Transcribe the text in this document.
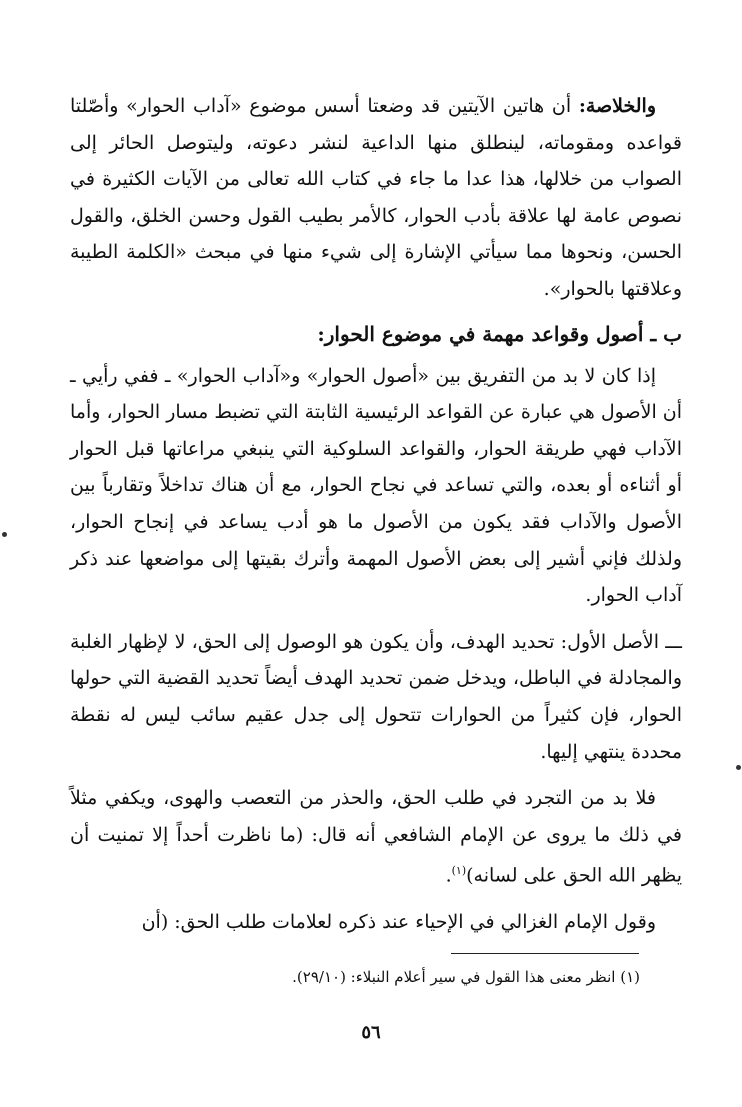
والخلاصة: أن هاتين الآيتين قد وضعتا أسس موضوع «آداب الحوار» وأصّلتا قواعده ومقوماته، لينطلق منها الداعية لنشر دعوته، وليتوصل الحائر إلى الصواب من خلالها، هذا عدا ما جاء في كتاب الله تعالى من الآيات الكثيرة في نصوص عامة لها علاقة بأدب الحوار، كالأمر بطيب القول وحسن الخلق، والقول الحسن، ونحوها مما سيأتي الإشارة إلى شيء منها في مبحث «الكلمة الطيبة وعلاقتها بالحوار».

ب ـ أصول وقواعد مهمة في موضوع الحوار:

إذا كان لا بد من التفريق بين «أصول الحوار» و«آداب الحوار» ـ ففي رأيي ـ أن الأصول هي عبارة عن القواعد الرئيسية الثابتة التي تضبط مسار الحوار، وأما الآداب فهي طريقة الحوار، والقواعد السلوكية التي ينبغي مراعاتها قبل الحوار أو أثناءه أو بعده، والتي تساعد في نجاح الحوار، مع أن هناك تداخلاً وتقارباً بين الأصول والآداب فقد يكون من الأصول ما هو أدب يساعد في إنجاح الحوار، ولذلك فإني أشير إلى بعض الأصول المهمة وأترك بقيتها إلى مواضعها عند ذكر آداب الحوار.

ـــ الأصل الأول: تحديد الهدف، وأن يكون هو الوصول إلى الحق، لا لإظهار الغلبة والمجادلة في الباطل، ويدخل ضمن تحديد الهدف أيضاً تحديد القضية التي حولها الحوار، فإن كثيراً من الحوارات تتحول إلى جدل عقيم سائب ليس له نقطة محددة ينتهي إليها.

فلا بد من التجرد في طلب الحق، والحذر من التعصب والهوى، ويكفي مثلاً في ذلك ما يروى عن الإمام الشافعي أنه قال: (ما ناظرت أحداً إلا تمنيت أن يظهر الله الحق على لسانه)$^{(١)}$.

وقول الإمام الغزالي في الإحياء عند ذكره لعلامات طلب الحق: (أن

(١) انظر معنى هذا القول في سير أعلام النبلاء: (٢٩/١٠).
٥٦
